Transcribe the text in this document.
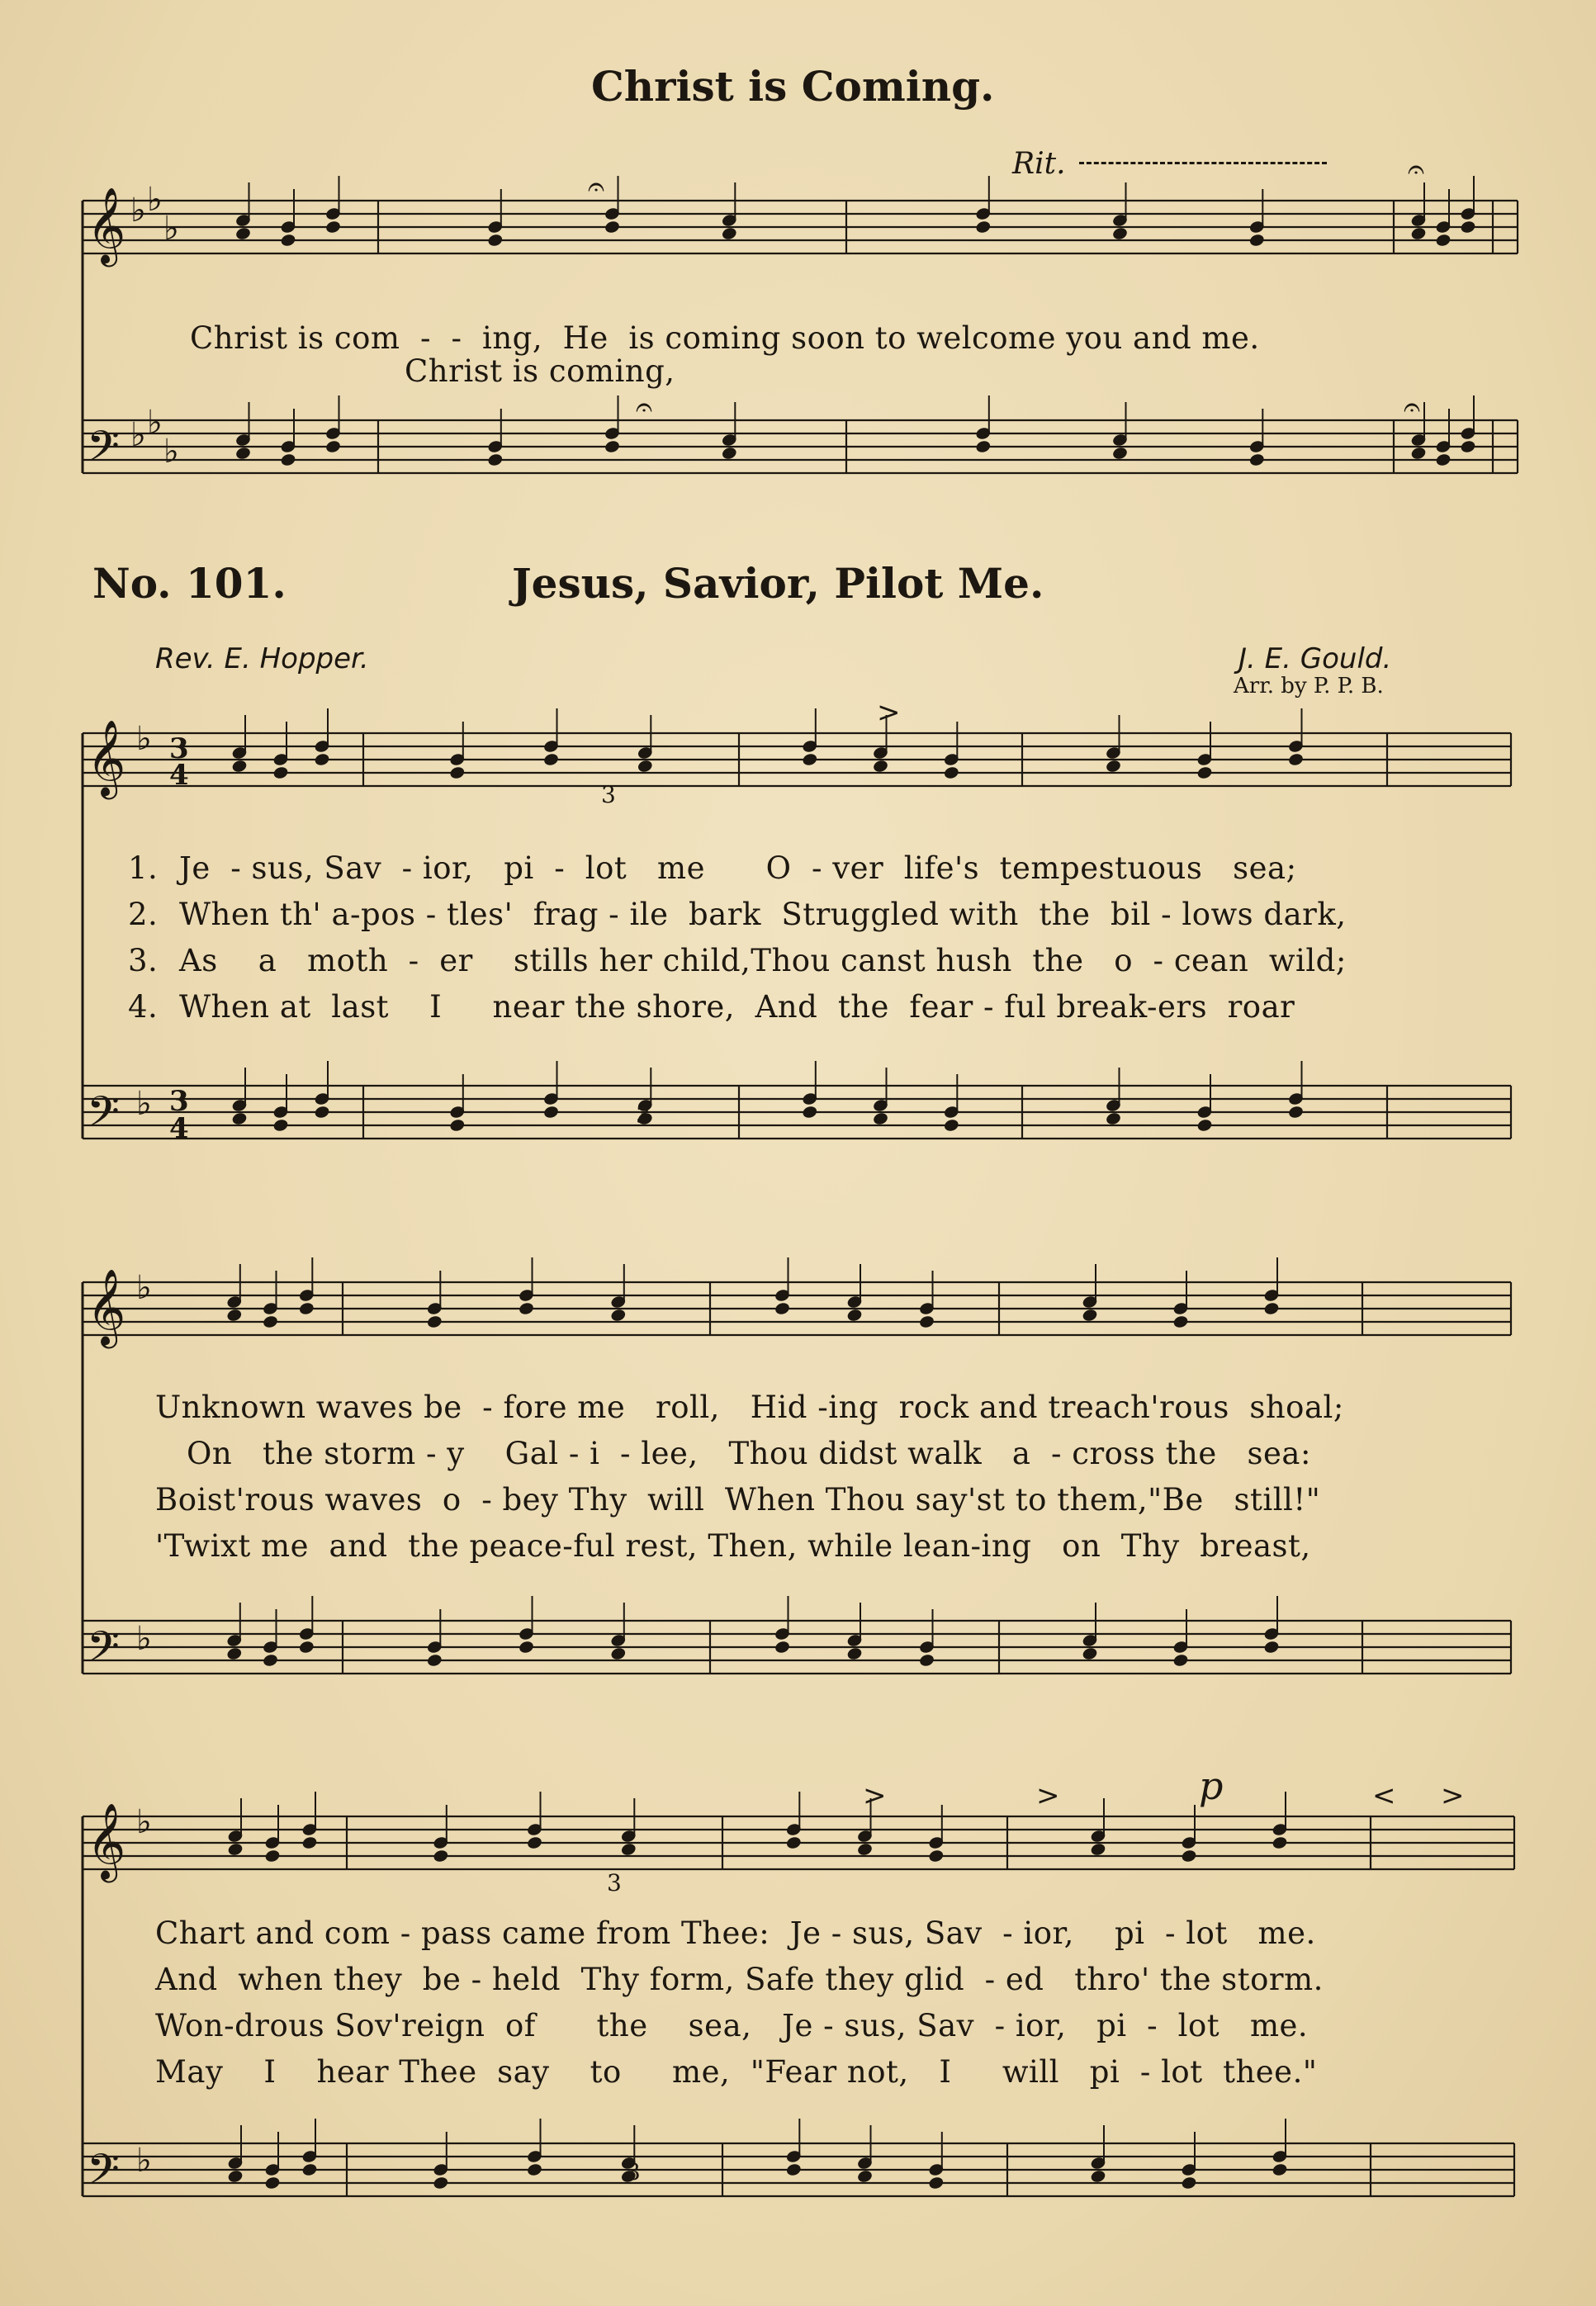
𝄞
𝄢
𝄞
𝄢
𝄞
𝄢
𝄞
𝄢
♭ ♭
♭
♭ ♭
♭
♭
♭
♭
♭
♭
♭
3
4
3
4
𝄐
𝄐
𝄐	𝄐
3
3
3
3
>
>	>	< >
Christ is Coming.
Rit.
Christ is com  -  -  ing,  He  is coming soon to welcome you and me.
Christ is coming,
No. 101.	Jesus, Savior, Pilot Me.
Rev. E. Hopper.	J. E. Gould.
Arr. by P. P. B.
1. Je  - sus, Sav  - ior,   pi  -  lot   me      O  - ver  life's  tempestuous   sea;
2. When th' a-pos - tles'  frag - ile  bark  Struggled with  the  bil - lows dark,
3. As    a   moth  -  er    stills her child,Thou canst hush  the   o  - cean  wild;
4. When at  last    I     near the shore,  And  the  fear - ful break-ers  roar
Unknown waves be  - fore me   roll,   Hid -ing  rock and treach'rous  shoal;
On   the storm - y    Gal - i  - lee,   Thou didst walk   a  - cross the   sea:
Boist'rous waves  o  - bey Thy  will  When Thou say'st to them,"Be   still!"
'Twixt me  and  the peace-ful rest, Then, while lean-ing   on  Thy  breast,
p
Chart and com - pass came from Thee:  Je - sus, Sav  - ior,    pi  - lot   me.
And  when they  be - held  Thy form, Safe they glid  - ed   thro' the storm.
Won-drous Sov'reign  of      the    sea,   Je - sus, Sav  - ior,   pi  -  lot   me.
May    I    hear Thee  say    to     me,  "Fear not,   I     will   pi  - lot  thee."
